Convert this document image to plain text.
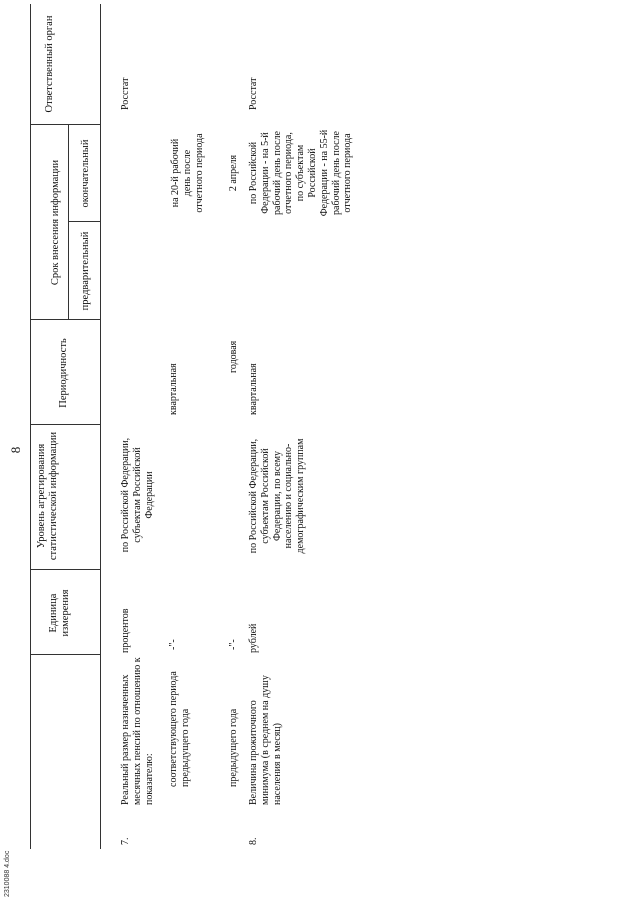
8
2310088 4.doc
Единица измерения
Уровень агрегирования статистической информации
Периодичность
Срок внесения информации предварительный
окончательный
Ответственный орган
7.
Реальный размер назначенных месячных пенсий по отношению к показателю:
процентов
по Российской Федерации, субъектам Российской Федерации
Росстат
соответствующего периода предыдущего года
-"-
квартальная
на 20-й рабочий день после отчетного периода
предыдущего года
-"-
годовая
2 апреля
8.
Величина прожиточного минимума (в среднем на душу населения в месяц)
рублей
по Российской Федерации, субъектам Российской Федерации, по всему населению и социально-демографическим группам
квартальная
по Российской Федерации - на 5-й рабочий день после отчетного периода, по субъектам Российской Федерации - на 55-й рабочий день после отчетного периода
Росстат
